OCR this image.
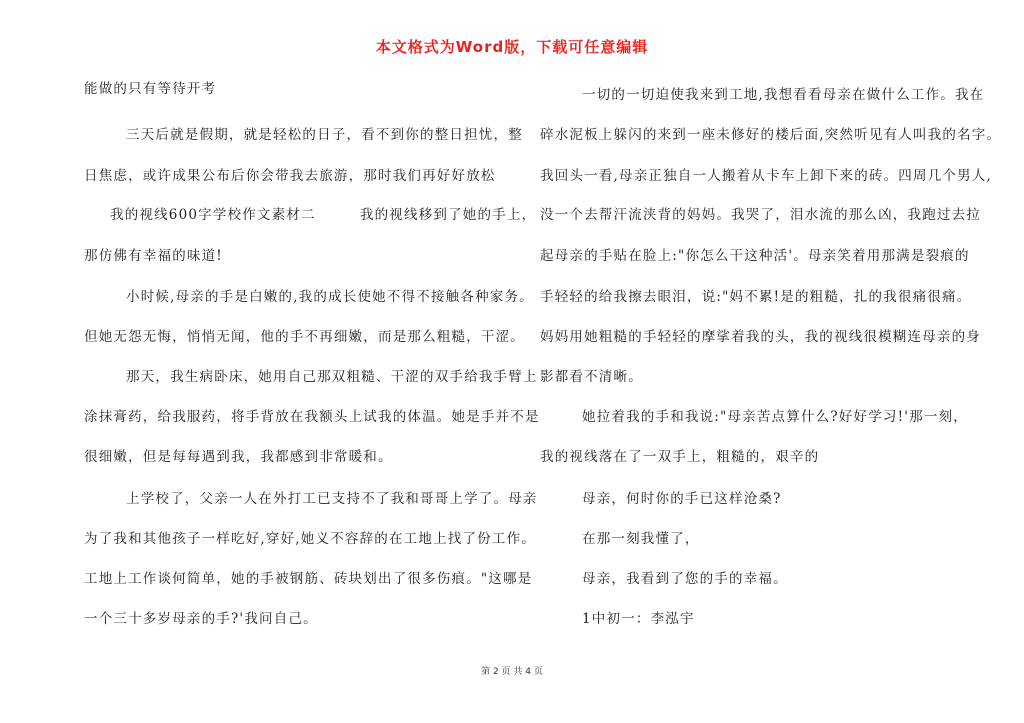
本文格式为Word版，下载可任意编辑
能做的只有等待开考
三天后就是假期，就是轻松的日子，看不到你的整日担忧，整
日焦虑，或许成果公布后你会带我去旅游，那时我们再好好放松
我的视线600字学校作文素材二　　　我的视线移到了她的手上，
那仿佛有幸福的味道!
小时候,母亲的手是白嫩的,我的成长使她不得不接触各种家务。
但她无怨无悔，悄悄无闻，他的手不再细嫩，而是那么粗糙，干涩。
那天，我生病卧床，她用自己那双粗糙、干涩的双手给我手臂上
涂抹膏药，给我服药，将手背放在我额头上试我的体温。她是手并不是
很细嫩，但是每每遇到我，我都感到非常暖和。
上学校了，父亲一人在外打工已支持不了我和哥哥上学了。母亲
为了我和其他孩子一样吃好,穿好,她义不容辞的在工地上找了份工作。
工地上工作谈何简单，她的手被钢筋、砖块划出了很多伤痕。"这哪是
一个三十多岁母亲的手?'我问自己。
一切的一切迫使我来到工地,我想看看母亲在做什么工作。我在
碎水泥板上躲闪的来到一座未修好的楼后面,突然听见有人叫我的名字。
我回头一看,母亲正独自一人搬着从卡车上卸下来的砖。四周几个男人,
没一个去帮汗流浃背的妈妈。我哭了，泪水流的那么凶，我跑过去拉
起母亲的手贴在脸上:"你怎么干这种活'。母亲笑着用那满是裂痕的
手轻轻的给我擦去眼泪，说:"妈不累!是的粗糙，扎的我很痛很痛。
妈妈用她粗糙的手轻轻的摩挲着我的头，我的视线很模糊连母亲的身
影都看不清晰。
她拉着我的手和我说:"母亲苦点算什么?好好学习!'那一刻，
我的视线落在了一双手上，粗糙的，艰辛的
母亲，何时你的手已这样沧桑?
在那一刻我懂了，
母亲，我看到了您的手的幸福。
1中初一：李泓宇
第 2 页 共 4 页
